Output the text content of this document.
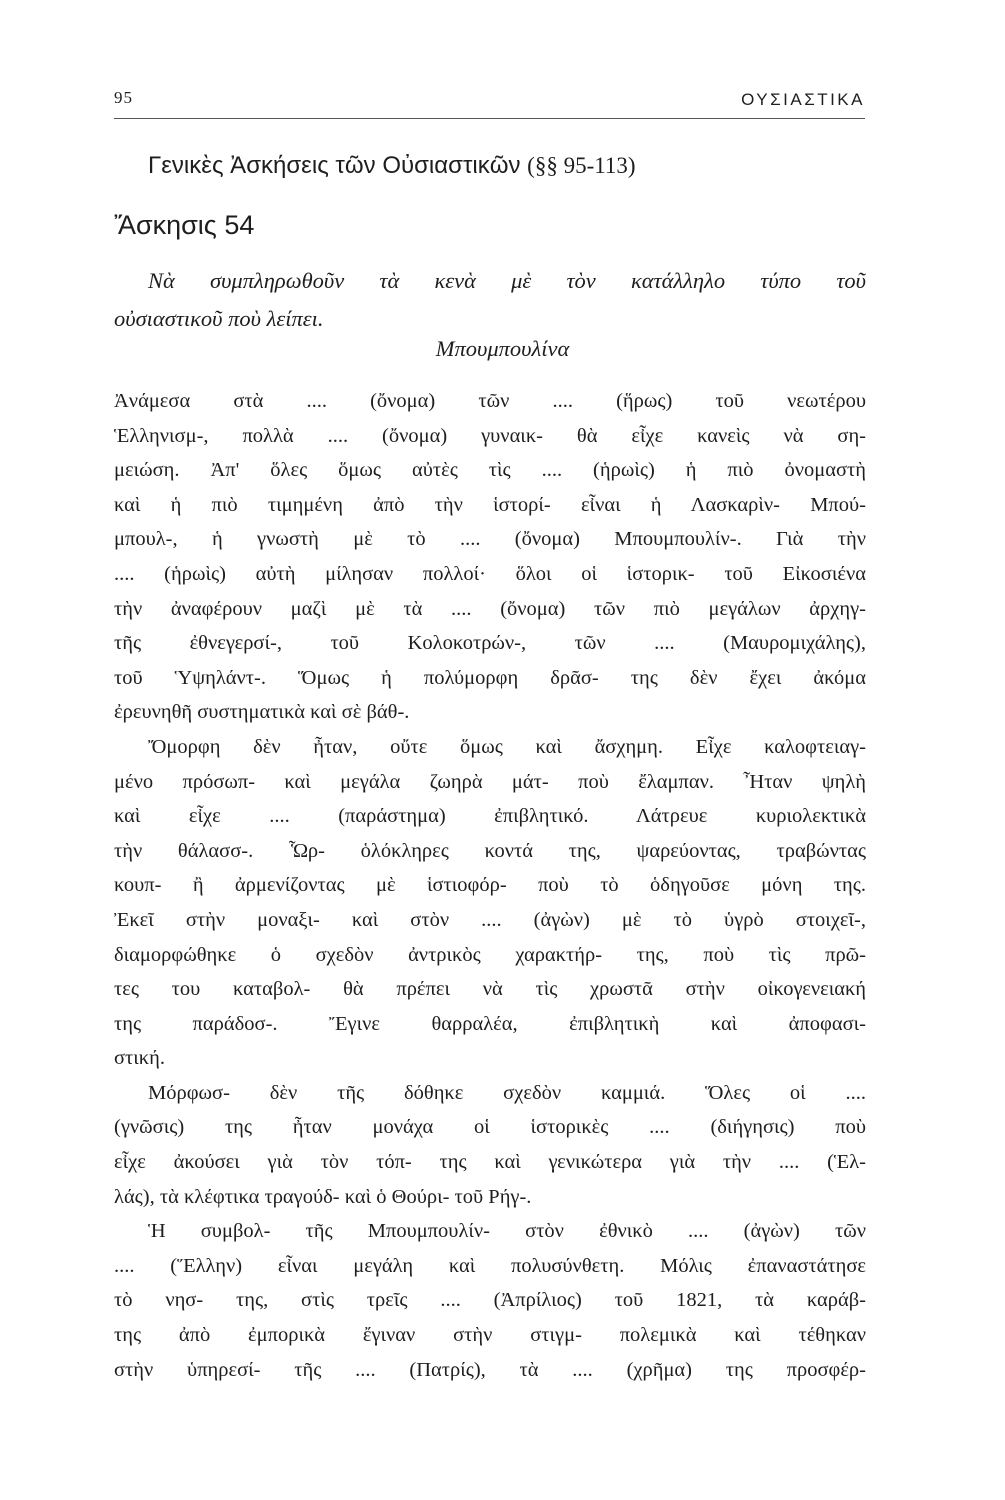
95	ΟΥΣΙΑΣΤΙΚΑ
Γενικὲς Ἀσκήσεις τῶν Οὐσιαστικῶν (§§ 95-113)
Ἄσκησις 54
Νὰ συμπληρωθοῦν τὰ κενὰ μὲ τὸν κατάλληλο τύπο τοῦ
οὐσιαστικοῦ ποὺ λείπει.
Μπουμπουλίνα
Ἀνάμεσα στὰ .... (ὄνομα) τῶν .... (ἥρως) τοῦ νεωτέρου
Ἑλληνισμ-, πολλὰ .... (ὄνομα) γυναικ- θὰ εἶχε κανεὶς νὰ ση-
μειώση. Ἀπ' ὅλες ὅμως αὐτὲς τὶς .... (ἡρωὶς) ἡ πιὸ ὀνομαστὴ
καὶ ἡ πιὸ τιμημένη ἀπὸ τὴν ἱστορί- εἶναι ἡ Λασκαρὶν- Μπού-
μπουλ-, ἡ γνωστὴ μὲ τὸ .... (ὄνομα) Μπουμπουλίν-. Γιὰ τὴν
.... (ἡρωὶς) αὐτὴ μίλησαν πολλοί· ὅλοι οἱ ἱστορικ- τοῦ Εἰκοσιένα
τὴν ἀναφέρουν μαζὶ μὲ τὰ .... (ὄνομα) τῶν πιὸ μεγάλων ἀρχηγ-
τῆς ἐθνεγερσί-, τοῦ Κολοκοτρών-, τῶν .... (Μαυρομιχάλης),
τοῦ Ὑψηλάντ-. Ὅμως ἡ πολύμορφη δρᾶσ- της δὲν ἔχει ἀκόμα
ἐρευνηθῆ συστηματικὰ καὶ σὲ βάθ-.
Ὄμορφη δὲν ἦταν, οὔτε ὅμως καὶ ἄσχημη. Εἶχε καλοφτειαγ-
μένο πρόσωπ- καὶ μεγάλα ζωηρὰ μάτ- ποὺ ἔλαμπαν. Ἦταν ψηλὴ
καὶ εἶχε .... (παράστημα) ἐπιβλητικό. Λάτρευε κυριολεκτικὰ
τὴν θάλασσ-. Ὧρ- ὁλόκληρες κοντά της, ψαρεύοντας, τραβώντας
κουπ- ἢ ἀρμενίζοντας μὲ ἱστιοφόρ- ποὺ τὸ ὁδηγοῦσε μόνη της.
Ἐκεῖ στὴν μοναξι- καὶ στὸν .... (ἀγὼν) μὲ τὸ ὑγρὸ στοιχεῖ-,
διαμορφώθηκε ὁ σχεδὸν ἀντρικὸς χαρακτήρ- της, ποὺ τὶς πρῶ-
τες του καταβολ- θὰ πρέπει νὰ τὶς χρωστᾶ στὴν οἰκογενειακή
της παράδοσ-. Ἔγινε θαρραλέα, ἐπιβλητικὴ καὶ ἀποφασι-
στική.
Μόρφωσ- δὲν τῆς δόθηκε σχεδὸν καμμιά. Ὅλες οἱ ....
(γνῶσις) της ἦταν μονάχα οἱ ἱστορικὲς .... (διήγησις) ποὺ
εἶχε ἀκούσει γιὰ τὸν τόπ- της καὶ γενικώτερα γιὰ τὴν .... (Ἑλ-
λάς), τὰ κλέφτικα τραγούδ- καὶ ὁ Θούρι- τοῦ Ρήγ-.
Ἡ συμβολ- τῆς Μπουμπουλίν- στὸν ἐθνικὸ .... (ἀγὼν) τῶν
.... (Ἕλλην) εἶναι μεγάλη καὶ πολυσύνθετη. Μόλις ἐπαναστάτησε
τὸ νησ- της, στὶς τρεῖς .... (Ἀπρίλιος) τοῦ 1821, τὰ καράβ-
της ἀπὸ ἐμπορικὰ ἔγιναν στὴν στιγμ- πολεμικὰ καὶ τέθηκαν
στὴν ὑπηρεσί- τῆς .... (Πατρίς), τὰ .... (χρῆμα) της προσφέρ-
